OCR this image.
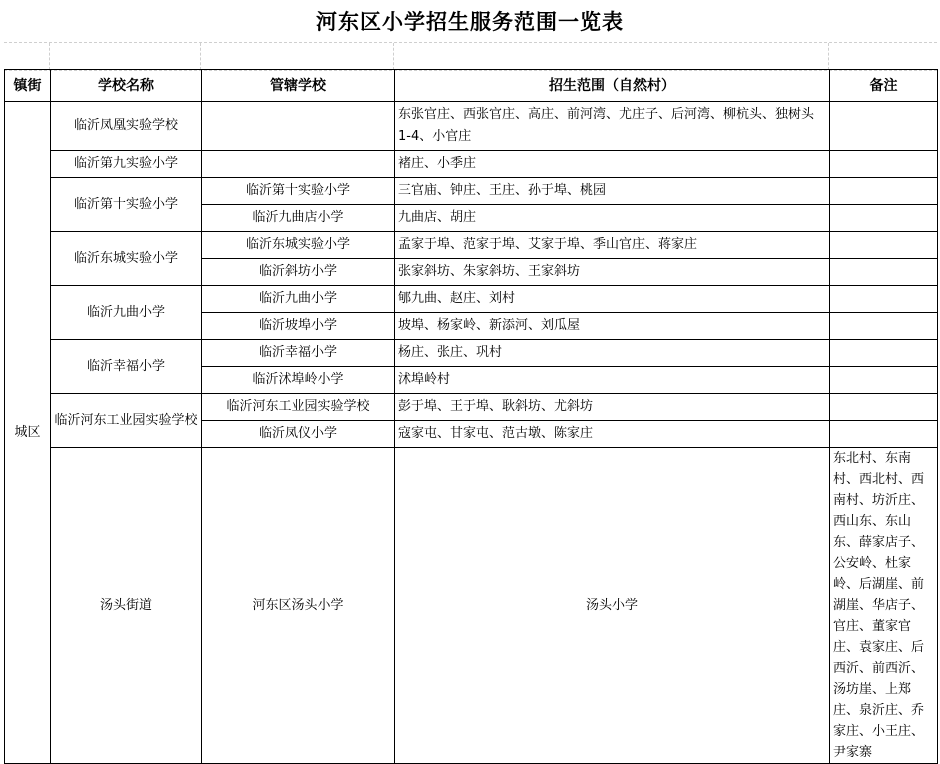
河东区小学招生服务范围一览表
镇街	学校名称	管辖学校	招生范围（自然村）	备注	
城区	临沂凤凰实验学校		东张官庄、西张官庄、高庄、前河湾、尤庄子、后河湾、柳杭头、独树头 1-4、小官庄		
	临沂第九实验小学		褚庄、小季庄		
	临沂第十实验小学	临沂第十实验小学	三官庙、钟庄、王庄、孙于埠、桃园		
		临沂九曲店小学	九曲店、胡庄		
	临沂东城实验小学	临沂东城实验小学	孟家于埠、范家于埠、艾家于埠、季山官庄、蒋家庄		
		临沂斜坊小学	张家斜坊、朱家斜坊、王家斜坊		
	临沂九曲小学	临沂九曲小学	郇九曲、赵庄、刘村		
		临沂坡埠小学	坡埠、杨家岭、新添河、刘瓜屋		
	临沂幸福小学	临沂幸福小学	杨庄、张庄、巩村		
		临沂沭埠岭小学	沭埠岭村		
	临沂河东工业园实验学校	临沂河东工业园实验学校	彭于埠、王于埠、耿斜坊、尤斜坊		
		临沂凤仪小学	寇家屯、甘家屯、范古墩、陈家庄		
	汤头街道	河东区汤头小学	汤头小学	东北村、东南村、西北村、西南村、坊沂庄、西山东、东山东、薛家店子、公安岭、杜家岭、后湖崖、前湖崖、华店子、官庄、董家官庄、袁家庄、后西沂、前西沂、汤坊崖、上郑庄、泉沂庄、乔家庄、小王庄、尹家寨	
